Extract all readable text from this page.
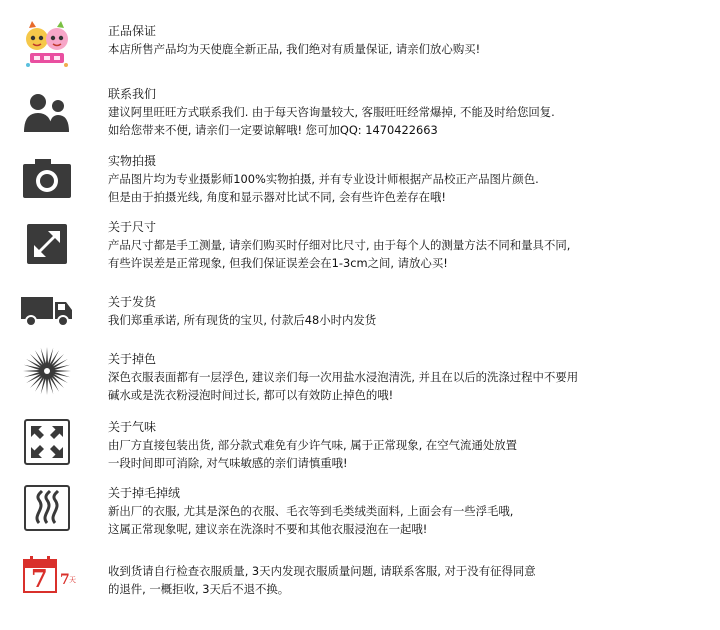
正品保证
本店所售产品均为天使鹿全新正品, 我们绝对有质量保证, 请亲们放心购买!
联系我们
建议阿里旺旺方式联系我们. 由于每天咨询量较大, 客服旺旺经常爆掉, 不能及时给您回复.
如给您带来不便, 请亲们一定要谅解哦! 您可加QQ: 1470422663
实物拍摄
产品图片均为专业摄影师100%实物拍摄, 并有专业设计师根据产品校正产品图片颜色.
但是由于拍摄光线, 角度和显示器对比试不同, 会有些许色差存在哦!
关于尺寸
产品尺寸都是手工测量, 请亲们购买时仔细对比尺寸, 由于每个人的测量方法不同和量具不同,
有些许误差是正常现象, 但我们保证误差会在1-3cm之间, 请放心买!
关于发货
我们郑重承诺, 所有现货的宝贝, 付款后48小时内发货
关于掉色
深色衣服表面都有一层浮色, 建议亲们每一次用盐水浸泡清洗, 并且在以后的洗涤过程中不要用
碱水或是洗衣粉浸泡时间过长, 都可以有效防止掉色的哦!
关于气味
由厂方直接包装出货, 部分款式难免有少许气味, 属于正常现象, 在空气流通处放置
一段时间即可消除, 对气味敏感的亲们请慎重哦!
关于掉毛掉绒
新出厂的衣服, 尤其是深色的衣服、毛衣等到毛类绒类面料, 上面会有一些浮毛哦,
这属正常现象呢, 建议亲在洗涤时不要和其他衣服浸泡在一起哦!
7 7 天
收到货请自行检查衣服质量, 3天内发现衣服质量问题, 请联系客服, 对于没有征得同意
的退件, 一概拒收, 3天后不退不换。
